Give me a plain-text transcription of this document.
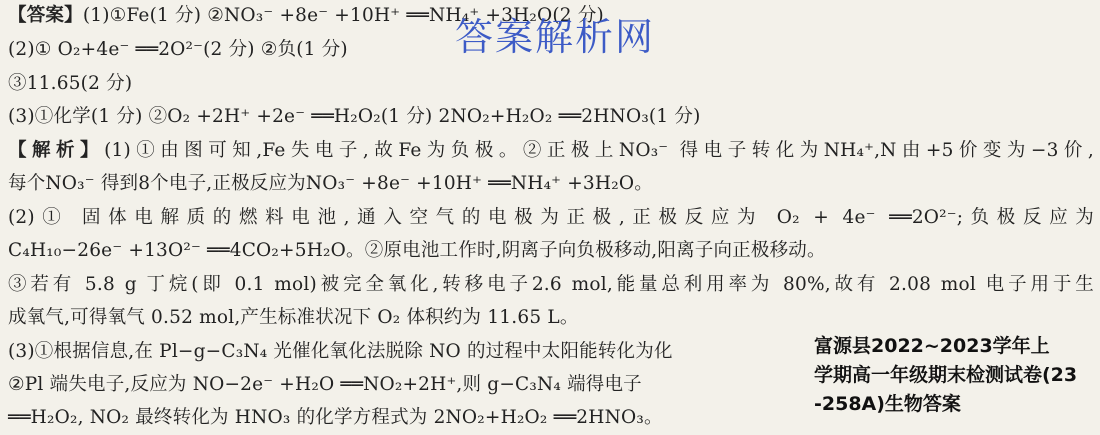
【答案】(1)①Fe(1 分) ②NO₃⁻ +8e⁻ +10H⁺ ══NH₄⁺ +3H₂O(2 分)
(2)① O₂+4e⁻ ══2O²⁻(2 分) ②负(1 分)
③11.65(2 分)
(3)①化学(1 分) ②O₂ +2H⁺ +2e⁻ ══H₂O₂(1 分) 2NO₂+H₂O₂ ══2HNO₃(1 分)
【解析】(1)①由图可知,Fe失电子,故Fe为负极。②正极上NO₃⁻ 得电子转化为NH₄⁺,N由+5价变为−3价,
每个NO₃⁻ 得到8个电子,正极反应为NO₃⁻ +8e⁻ +10H⁺ ══NH₄⁺ +3H₂O。
(2)① 固体电解质的燃料电池,通入空气的电极为正极,正极反应为 O₂ + 4e⁻ ══2O²⁻;负极反应为
C₄H₁₀−26e⁻ +13O²⁻ ══4CO₂+5H₂O。②原电池工作时,阴离子向负极移动,阳离子向正极移动。
③若有 5.8 g 丁烷(即 0.1 mol)被完全氧化,转移电子2.6 mol,能量总利用率为 80%,故有 2.08 mol 电子用于生
成氧气,可得氧气 0.52 mol,产生标准状况下 O₂ 体积约为 11.65 L。
(3)①根据信息,在 Pl−g−C₃N₄ 光催化氧化法脱除 NO 的过程中太阳能转化为化
②Pl 端失电子,反应为 NO−2e⁻ +H₂O ══NO₂+2H⁺,则 g−C₃N₄ 端得电子
══H₂O₂, NO₂ 最终转化为 HNO₃ 的化学方程式为 2NO₂+H₂O₂ ══2HNO₃。
答案解析网
富源县2022~2023学年上
学期高一年级期末检测试卷(23
-258A)生物答案
